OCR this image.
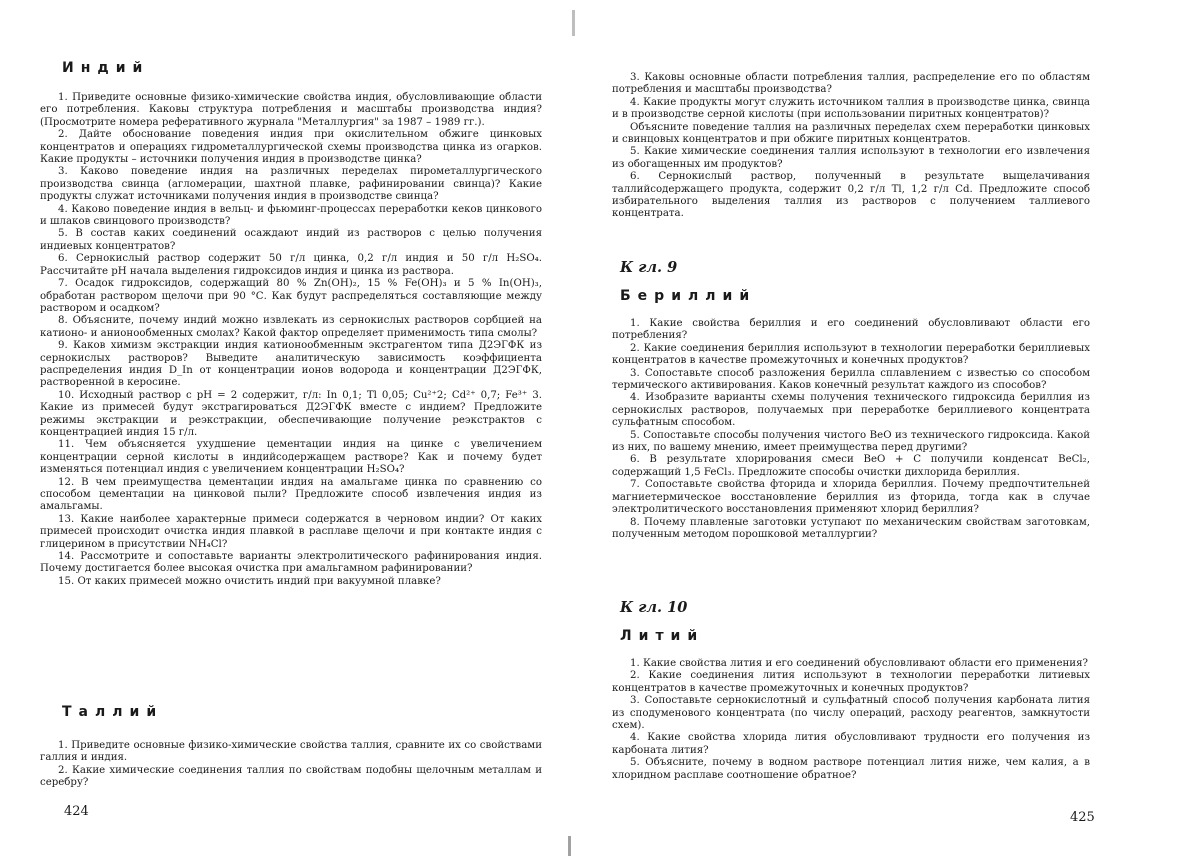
Индий
1. Приведите основные физико-химические свойства индия, обусловливающие области его потребления. Каковы структура потребления и масштабы производства индия? (Просмотрите номера реферативного журнала "Металлургия" за 1987 – 1989 гг.).
2. Дайте обоснование поведения индия при окислительном обжиге цинковых концентратов и операциях гидрометаллургической схемы производства цинка из огарков. Какие продукты – источники получения индия в производстве цинка?
3. Каково поведение индия на различных переделах пирометаллургического производства свинца (агломерации, шахтной плавке, рафинировании свинца)? Какие продукты служат источниками получения индия в производстве свинца?
4. Каково поведение индия в вельц- и фьюминг-процессах переработки кеков цинкового и шлаков свинцового производств?
5. В состав каких соединений осаждают индий из растворов с целью получения индиевых концентратов?
6. Сернокислый раствор содержит 50 г/л цинка, 0,2 г/л индия и 50 г/л H₂SO₄. Рассчитайте pH начала выделения гидроксидов индия и цинка из раствора.
7. Осадок гидроксидов, содержащий 80 % Zn(OH)₂, 15 % Fe(OH)₃ и 5 % In(OH)₃, обработан раствором щелочи при 90 °С. Как будут распределяться составляющие между раствором и осадком?
8. Объясните, почему индий можно извлекать из сернокислых растворов сорбцией на катионо- и анионообменных смолах? Какой фактор определяет применимость типа смолы?
9. Каков химизм экстракции индия катионообменным экстрагентом типа Д2ЭГФК из сернокислых растворов? Выведите аналитическую зависимость коэффициента распределения индия D_In от концентрации ионов водорода и концентрации Д2ЭГФК, растворенной в керосине.
10. Исходный раствор с pH = 2 содержит, г/л: In 0,1; Tl 0,05; Cu²⁺2; Cd²⁺ 0,7; Fe³⁺ 3. Какие из примесей будут экстрагироваться Д2ЭГФК вместе с индием? Предложите режимы экстракции и реэкстракции, обеспечивающие получение реэкстрактов с концентрацией индия 15 г/л.
11. Чем объясняется ухудшение цементации индия на цинке с увеличением концентрации серной кислоты в индийсодержащем растворе? Как и почему будет изменяться потенциал индия с увеличением концентрации H₂SO₄?
12. В чем преимущества цементации индия на амальгаме цинка по сравнению со способом цементации на цинковой пыли? Предложите способ извлечения индия из амальгамы.
13. Какие наиболее характерные примеси содержатся в черновом индии? От каких примесей происходит очистка индия плавкой в расплаве щелочи и при контакте индия с глицерином в присутствии NH₄Cl?
14. Рассмотрите и сопоставьте варианты электролитического рафинирования индия. Почему достигается более высокая очистка при амальгамном рафинировании?
15. От каких примесей можно очистить индий при вакуумной плавке?
Таллий
1. Приведите основные физико-химические свойства таллия, сравните их со свойствами галлия и индия.
2. Какие химические соединения таллия по свойствам подобны щелочным металлам и серебру?
424
3. Каковы основные области потребления таллия, распределение его по областям потребления и масштабы производства?
4. Какие продукты могут служить источником таллия в производстве цинка, свинца и в производстве серной кислоты (при использовании пиритных концентратов)?
Объясните поведение таллия на различных переделах схем переработки цинковых и свинцовых концентратов и при обжиге пиритных концентратов.
5. Какие химические соединения таллия используют в технологии его извлечения из обогащенных им продуктов?
6. Сернокислый раствор, полученный в результате выщелачивания таллийсодержащего продукта, содержит 0,2 г/л Tl, 1,2 г/л Cd. Предложите способ избирательного выделения таллия из растворов с получением таллиевого концентрата.
К гл. 9
Бериллий
1. Какие свойства бериллия и его соединений обусловливают области его потребления?
2. Какие соединения бериллия используют в технологии переработки бериллиевых концентратов в качестве промежуточных и конечных продуктов?
3. Сопоставьте способ разложения берилла сплавлением с известью со способом термического активирования. Каков конечный результат каждого из способов?
4. Изобразите варианты схемы получения технического гидроксида бериллия из сернокислых растворов, получаемых при переработке бериллиевого концентрата сульфатным способом.
5. Сопоставьте способы получения чистого BeO из технического гидроксида. Какой из них, по вашему мнению, имеет преимущества перед другими?
6. В результате хлорирования смеси BeO + C получили конденсат BeCl₂, содержащий 1,5 FeCl₃. Предложите способы очистки дихлорида бериллия.
7. Сопоставьте свойства фторида и хлорида бериллия. Почему предпочтительней магниетермическое восстановление бериллия из фторида, тогда как в случае электролитического восстановления применяют хлорид бериллия?
8. Почему плавленые заготовки уступают по механическим свойствам заготовкам, полученным методом порошковой металлургии?
К гл. 10
Литий
1. Какие свойства лития и его соединений обусловливают области его применения?
2. Какие соединения лития используют в технологии переработки литиевых концентратов в качестве промежуточных и конечных продуктов?
3. Сопоставьте сернокислотный и сульфатный способ получения карбоната лития из сподуменового концентрата (по числу операций, расходу реагентов, замкнутости схем).
4. Какие свойства хлорида лития обусловливают трудности его получения из карбоната лития?
5. Объясните, почему в водном растворе потенциал лития ниже, чем калия, а в хлоридном расплаве соотношение обратное?
425
